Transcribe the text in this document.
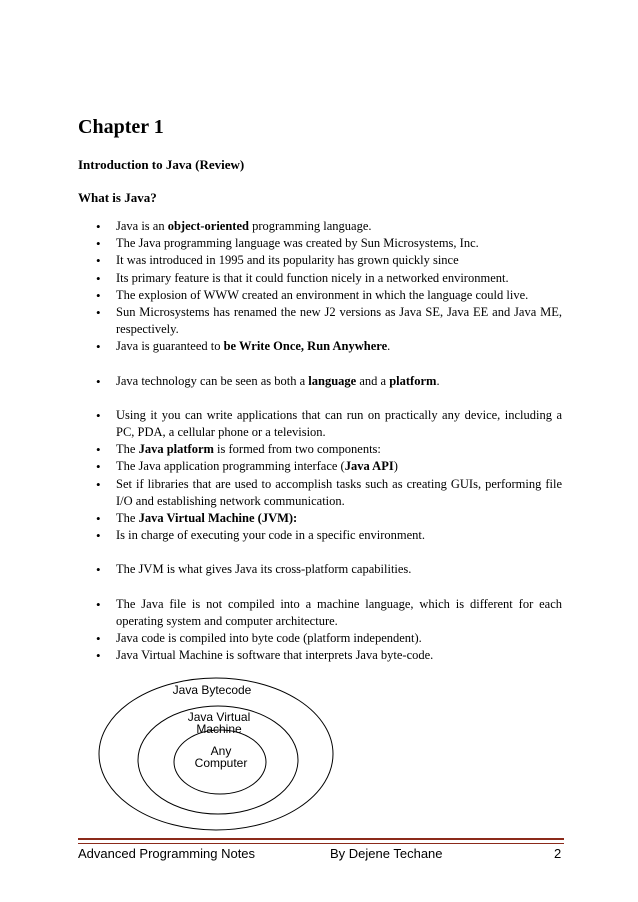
Chapter 1
Introduction to Java (Review)
What is Java?
• Java is an object-oriented programming language.
• The Java programming language was created by Sun Microsystems, Inc.
• It was introduced in 1995 and its popularity has grown quickly since
• Its primary feature is that it could function nicely in a networked environment.
• The explosion of WWW created an environment in which the language could live.
• Sun Microsystems has renamed the new J2 versions as Java SE, Java EE and Java ME, respectively.
• Java is guaranteed to be Write Once, Run Anywhere.
• Java technology can be seen as both a language and a platform.
• Using it you can write applications that can run on practically any device, including a PC, PDA, a cellular phone or a television.
• The Java platform is formed from two components:
• The Java application programming interface (Java API)
• Set if libraries that are used to accomplish tasks such as creating GUIs, performing file I/O and establishing network communication.
• The Java Virtual Machine (JVM):
• Is in charge of executing your code in a specific environment.
• The JVM is what gives Java its cross-platform capabilities.
• The Java file is not compiled into a machine language, which is different for each operating system and computer architecture.
• Java code is compiled into byte code (platform independent).
• Java Virtual Machine is software that interprets Java byte-code.
Java Bytecode
Java Virtual
Machine
Any
Computer
Advanced Programming Notes	By Dejene Techane	2
